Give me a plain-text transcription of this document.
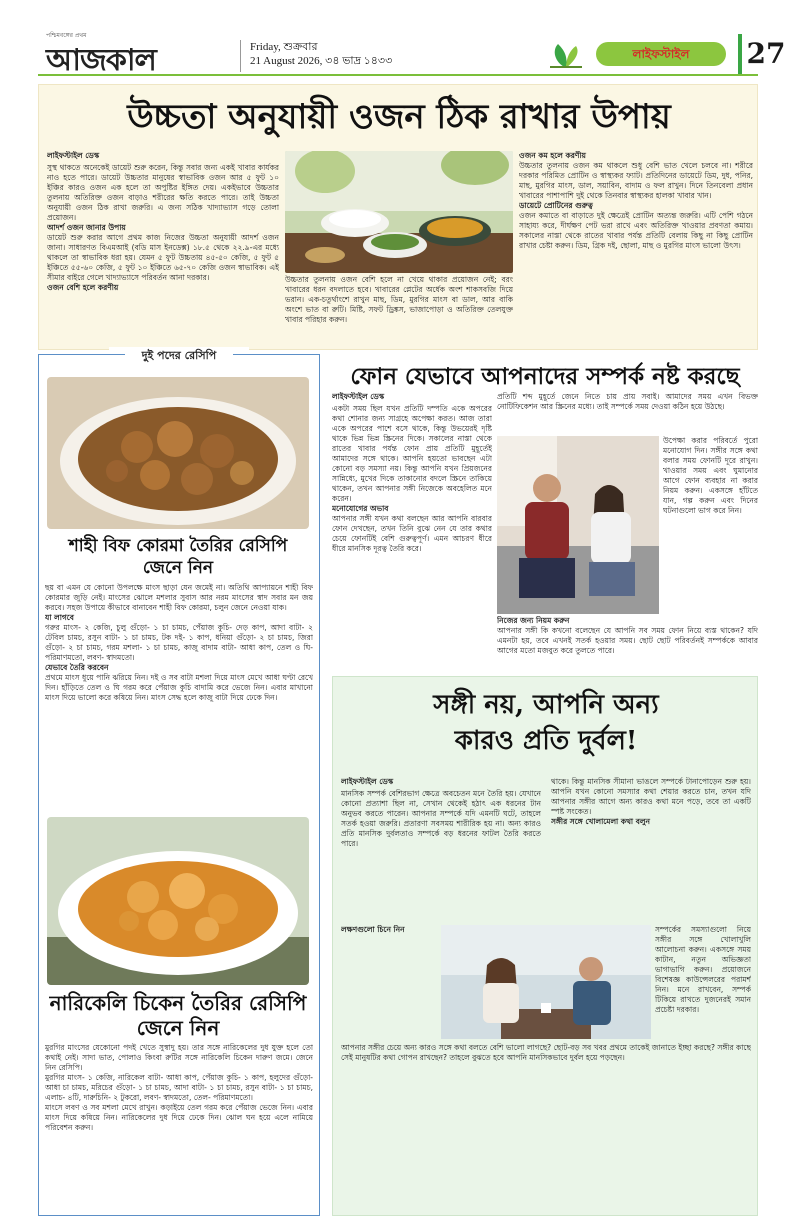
পশ্চিমবঙ্গের প্রথম
আজকাল	Friday, শুক্রবার
21 August 2026, ৩৪ ভাদ্র ১৪৩৩	লাইফস্টাইল	27
উচ্চতা অনুযায়ী ওজন ঠিক রাখার উপায়
লাইফস্টাইল ডেস্ক

সুস্থ থাকতে অনেকেই ডায়েট শুরু করেন, কিন্তু সবার জন্য একই খাবার কার্যকর নাও হতে পারে। ডায়েট উচ্চতার মানুষের স্বাভাবিক ওজন আর ৫ ফুট ১০ ইঞ্চির কারও ওজন এক হলে তা অপুষ্টির ইঙ্গিত দেয়। একইভাবে উচ্চতার তুলনায় অতিরিক্ত ওজন বাড়াও শরীরের ক্ষতি করতে পারে। তাই উচ্চতা অনুযায়ী ওজন ঠিক রাখা জরুরি। এ জন্য সঠিক খাদ্যাভ্যাস গড়ে তোলা প্রয়োজন।

আদর্শ ওজন জানার উপায়

ডায়েট শুরু করার আগে প্রথম কাজ নিজের উচ্চতা অনুযায়ী আদর্শ ওজন জানা। সাধারণত বিএমআই (বডি মাস ইনডেক্স) ১৮.৫ থেকে ২২.৯-এর মধ্যে থাকলে তা স্বাভাবিক ধরা হয়। যেমন ৫ ফুট উচ্চতায় ৪৫-৫০ কেজি, ৫ ফুট ৫ ইঞ্চিতে ৫৫-৬০ কেজি, ৫ ফুট ১০ ইঞ্চিতে ৬৫-৭০ কেজি ওজন স্বাভাবিক। এই সীমার বাইরে গেলে খাদ্যাভ্যাসে পরিবর্তন আনা দরকার।

ওজন বেশি হলে করণীয়

উচ্চতার তুলনায় ওজন বেশি হলে না খেয়ে থাকার প্রয়োজন নেই; বরং খাবারের ধরন বদলাতে হবে। খাবারের প্লেটের অর্ধেক অংশ শাকসবজি দিয়ে ভরান। এক-চতুর্থাংশে রাখুন মাছ, ডিম, মুরগির মাংস বা ডাল, আর বাকি অংশে ভাত বা রুটি। মিষ্টি, সফট ড্রিঙ্কস, ভাজাপোড়া ও অতিরিক্ত তেলযুক্ত খাবার পরিহার করুন।

ওজন কম হলে করণীয়

উচ্চতার তুলনায় ওজন কম থাকলে শুধু বেশি ভাত খেলে চলবে না। শরীরে দরকার পরিমিত প্রোটিন ও স্বাস্থ্যকর ফ্যাট। প্রতিদিনের ডায়েটে ডিম, দুধ, পনির, মাছ, মুরগির মাংস, ডাল, সয়াবিন, বাদাম ও ফল রাখুন। দিনে তিনবেলা প্রধান খাবারের পাশাপাশি দুই থেকে তিনবার স্বাস্থ্যকর হালকা খাবার খান।

ডায়েটে প্রোটিনের গুরুত্ব

ওজন কমাতে বা বাড়াতে দুই ক্ষেত্রেই প্রোটিন অত্যন্ত জরুরি। এটি পেশি গঠনে সাহায্য করে, দীর্ঘক্ষণ পেট ভরা রাখে এবং অতিরিক্ত খাওয়ার প্রবণতা কমায়। সকালের নাস্তা থেকে রাতের খাবার পর্যন্ত প্রতিটি বেলায় কিছু না কিছু প্রোটিন রাখার চেষ্টা করুন। ডিম, গ্রিক দই, ছোলা, মাছ ও মুরগির মাংস ভালো উৎস।

দুই পদের রেসিপি
শাহী বিফ কোরমা তৈরির রেসিপি জেনে নিন

ছয় বা এমন যে কোনো উপলক্ষে মাংস ছাড়া যেন জমেই না। অতিথি আপ্যায়নে শাহী বিফ কোরমার জুড়ি নেই। মাংসের ঝোলে মশলার সুবাস আর নরম মাংসের স্বাদ সবার মন জয় করবে। সহজ উপায়ে কীভাবে বানাবেন শাহী বিফ কোরমা, চলুন জেনে নেওয়া যাক।

যা লাগবে

গরুর মাংস- ২ কেজি, চুলু গুঁড়ো- ১ চা চামচ, পেঁয়াজ কুচি- দেড় কাপ, আদা বাটা- ২ টেবিল চামচ, রসুন বাটা- ১ চা চামচ, টক দই- ১ কাপ, ধনিয়া গুঁড়ো- ২ চা চামচ, জিরা গুঁড়ো- ২ চা চামচ, গরম মশলা- ১ চা চামচ, কাজু বাদাম বাটা- আধা কাপ, তেল ও ঘি- পরিমাণমতো, লবণ- স্বাদমতো।

যেভাবে তৈরি করবেন

প্রথমে মাংস ধুয়ে পানি ঝরিয়ে নিন। দই ও সব বাটা মশলা দিয়ে মাংস মেখে আধা ঘণ্টা রেখে দিন। হাঁড়িতে তেল ও ঘি গরম করে পেঁয়াজ কুচি বাদামি করে ভেজে নিন। এবার মাখানো মাংস দিয়ে ভালো করে কষিয়ে নিন। মাংস সেদ্ধ হলে কাজু বাটা দিয়ে ঢেকে দিন।

নারিকেলি চিকেন তৈরির রেসিপি জেনে নিন

মুরগির মাংসের যেকোনো পদই খেতে সুস্বাদু হয়। তার সঙ্গে নারিকেলের দুধ যুক্ত হলে তো কথাই নেই। সাদা ভাত, পোলাও কিংবা রুটির সঙ্গে নারিকেলি চিকেন দারুণ জমে। জেনে নিন রেসিপি।

মুরগির মাংস- ১ কেজি, নারিকেল বাটা- আধা কাপ, পেঁয়াজ কুচি- ১ কাপ, হলুদের গুঁড়ো- আধা চা চামচ, মরিচের গুঁড়ো- ১ চা চামচ, আদা বাটা- ১ চা চামচ, রসুন বাটা- ১ চা চামচ, এলাচ- ৪টি, দারুচিনি- ২ টুকরো, লবণ- স্বাদমতো, তেল- পরিমাণমতো।

মাংসে লবণ ও সব মশলা মেখে রাখুন। কড়াইয়ে তেল গরম করে পেঁয়াজ ভেজে নিন। এবার মাংস দিয়ে কষিয়ে নিন। নারিকেলের দুধ দিয়ে ঢেকে দিন। ঝোল ঘন হয়ে এলে নামিয়ে পরিবেশন করুন।

ফোন যেভাবে আপনাদের সম্পর্ক নষ্ট করছে
লাইফস্টাইল ডেস্ক

একটা সময় ছিল যখন প্রতিটি দম্পতি একে অপরের কথা শোনার জন্য সাগ্রহে অপেক্ষা করত। আজ তারা একে অপরের পাশে বসে থাকে, কিন্তু উভয়েরই দৃষ্টি থাকে ভিন্ন ভিন্ন স্ক্রিনের দিকে। সকালের নাস্তা থেকে রাতের খাবার পর্যন্ত ফোন প্রায় প্রতিটি মুহূর্তেই আমাদের সঙ্গে থাকে। আপনি হয়তো ভাবছেন এটা কোনো বড় সমস্যা নয়। কিন্তু আপনি যখন প্রিয়জনের সান্নিধ্যে, মুখের দিকে তাকানোর বদলে স্ক্রিনে তাকিয়ে থাকেন, তখন আপনার সঙ্গী নিজেকে অবহেলিত মনে করেন।

মনোযোগের অভাব

আপনার সঙ্গী যখন কথা বলছেন আর আপনি বারবার ফোন দেখছেন, তখন তিনি বুঝে নেন যে তার কথার চেয়ে ফোনটিই বেশি গুরুত্বপূর্ণ। এমন আচরণ ধীরে ধীরে মানসিক দূরত্ব তৈরি করে।

প্রতিটি শব্দ মুহূর্তে জেনে নিতে চায় প্রায় সবাই। আমাদের সময় এখন বিভক্ত নোটিফিকেশন আর স্ক্রিনের মধ্যে। তাই সম্পর্কে সময় দেওয়া কঠিন হয়ে উঠছে।

উপেক্ষা করার পরিবর্তে পুরো মনোযোগ দিন। সঙ্গীর সঙ্গে কথা বলার সময় ফোনটি দূরে রাখুন। খাওয়ার সময় এবং ঘুমানোর আগে ফোন ব্যবহার না করার নিয়ম করুন। একসঙ্গে হাঁটতে যান, গল্প করুন এবং দিনের ঘটনাগুলো ভাগ করে নিন।

নিজের জন্য নিয়ম করুন

আপনার সঙ্গী কি কখনো বলেছেন যে আপনি সব সময় ফোন নিয়ে ব্যস্ত থাকেন? যদি এমনটা হয়, তবে এখনই সতর্ক হওয়ার সময়। ছোট ছোট পরিবর্তনই সম্পর্ককে আবার আগের মতো মজবুত করে তুলতে পারে।

সঙ্গী নয়, আপনি অন্য
কারও প্রতি দুর্বল!
লাইফস্টাইল ডেস্ক

মানসিক সম্পর্ক বেশিরভাগ ক্ষেত্রে অবচেতন মনে তৈরি হয়। যেখানে কোনো প্রত্যাশা ছিল না, সেখান থেকেই হঠাৎ এক ধরনের টান অনুভব করতে পারেন। আপনার সম্পর্কে যদি এমনটি ঘটে, তাহলে সতর্ক হওয়া জরুরি। প্রতারণা সবসময় শারীরিক হয় না। অন্য কারও প্রতি মানসিক দুর্বলতাও সম্পর্কে বড় ধরনের ফাটল তৈরি করতে পারে।

থাকে। কিন্তু মানসিক সীমানা ভাঙলে সম্পর্কে টানাপোড়েন শুরু হয়। আপনি যখন কোনো সমস্যার কথা শেয়ার করতে চান, তখন যদি আপনার সঙ্গীর আগে অন্য কারও কথা মনে পড়ে, তবে তা একটি স্পষ্ট সংকেত।

সঙ্গীর সঙ্গে খোলামেলা কথা বলুন

লক্ষণগুলো চিনে নিন	সম্পর্কের সমস্যাগুলো নিয়ে সঙ্গীর সঙ্গে খোলাখুলি আলোচনা করুন। একসঙ্গে সময় কাটান, নতুন অভিজ্ঞতা ভাগাভাগি করুন। প্রয়োজনে বিশেষজ্ঞ কাউন্সেলরের পরামর্শ নিন। মনে রাখবেন, সম্পর্ক টিকিয়ে রাখতে দুজনেরই সমান প্রচেষ্টা দরকার।

আপনার সঙ্গীর চেয়ে অন্য কারও সঙ্গে কথা বলতে বেশি ভালো লাগছে? ছোট-বড় সব খবর প্রথমে তাকেই জানাতে ইচ্ছা করছে? সঙ্গীর কাছে সেই মানুষটির কথা গোপন রাখছেন? তাহলে বুঝতে হবে আপনি মানসিকভাবে দুর্বল হয়ে পড়ছেন।
